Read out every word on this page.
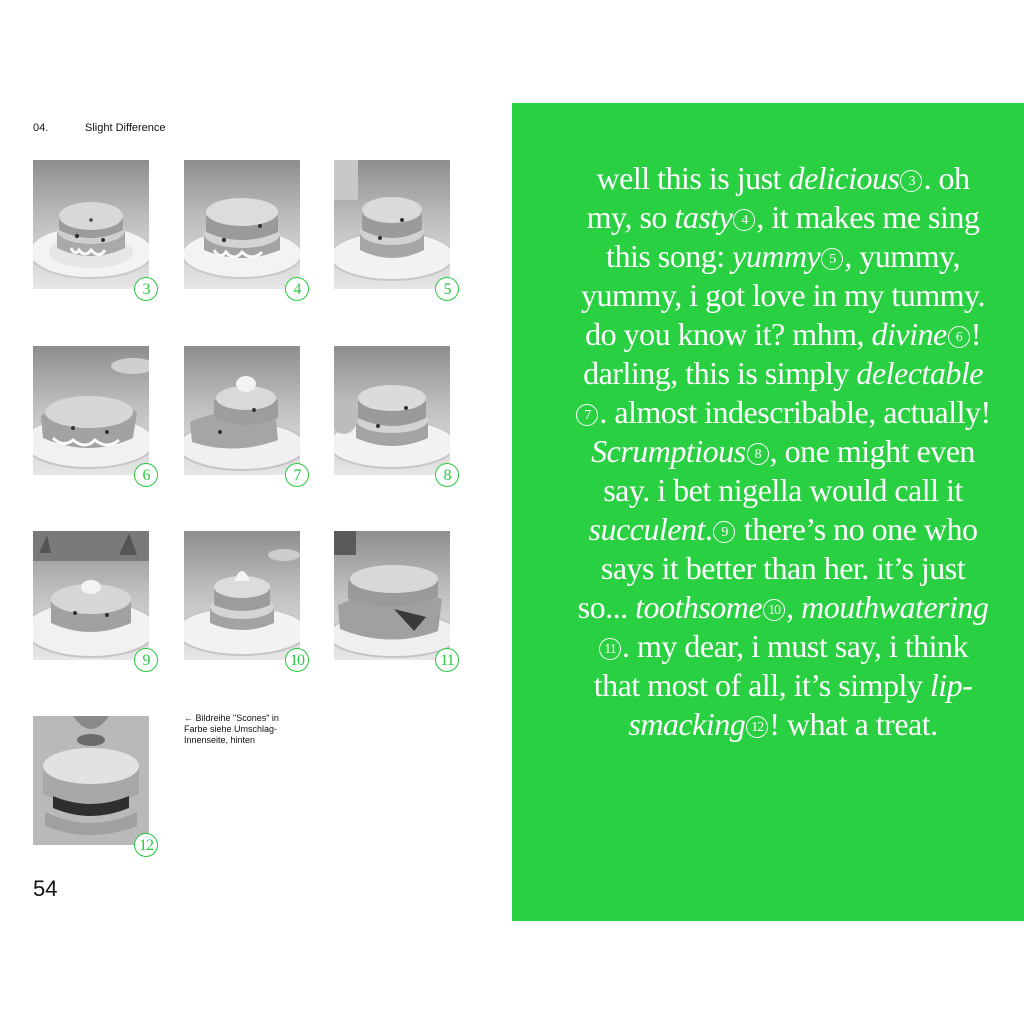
04.	Slight Difference
3	4	5
6	7	8
9	10	11
12
← Bildreihe "Scones" in Farbe siehe Umschlag-Innenseite, hinten
54
well this is just delicious 3 . oh my, so tasty 4 , it makes me sing this song: yummy 5 , yummy, yummy, i got love in my tummy. do you know it? mhm, divine 6 ! darling, this is simply delectable7 . almost indescribable, actually! Scrumptious 8 , one might even say. i bet nigella would call it succulent. 9 there’s no one who says it better than her. it’s just so... toothsome 10 , mouthwatering11 . my dear, i must say, i think that most of all, it’s simply lip-smacking 12 ! what a treat.
